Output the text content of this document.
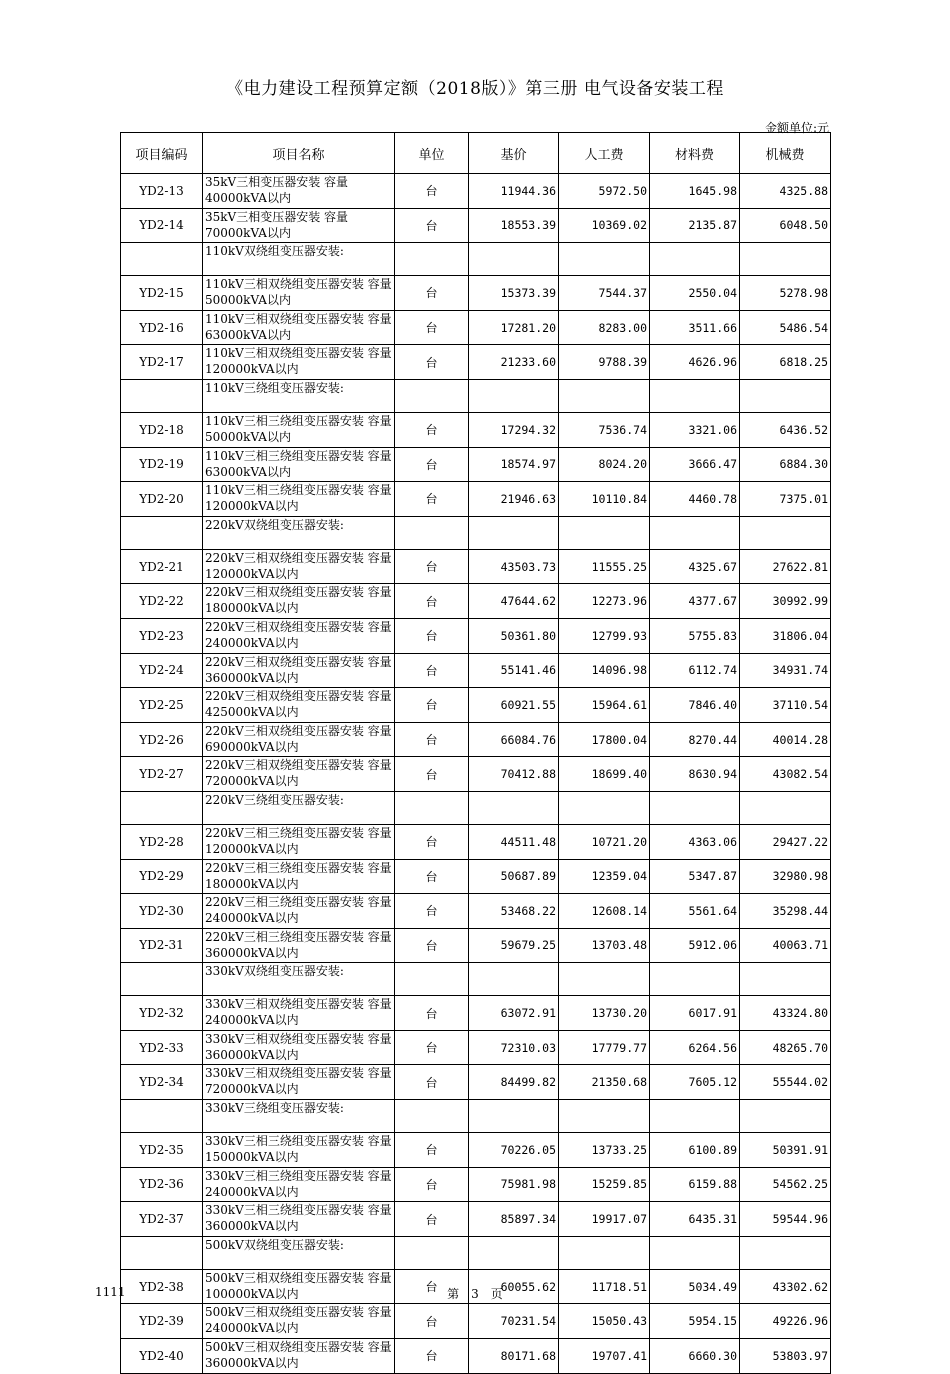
《电力建设工程预算定额（2018版）》第三册 电气设备安装工程
金额单位:元
项目编码	项目名称	单位	基价	人工费	材料费	机械费
YD2-13	35kV三相变压器安装 容量 40000kVA以内	台	11944.36	5972.50	1645.98	4325.88
YD2-14	35kV三相变压器安装 容量 70000kVA以内	台	18553.39	10369.02	2135.87	6048.50

	110kV双绕组变压器安装:					

YD2-15	110kV三相双绕组变压器安装 容量 50000kVA以内	台	15373.39	7544.37	2550.04	5278.98
YD2-16	110kV三相双绕组变压器安装 容量 63000kVA以内	台	17281.20	8283.00	3511.66	5486.54
YD2-17	110kV三相双绕组变压器安装 容量 120000kVA以内	台	21233.60	9788.39	4626.96	6818.25

	110kV三绕组变压器安装:					

YD2-18	110kV三相三绕组变压器安装 容量 50000kVA以内	台	17294.32	7536.74	3321.06	6436.52
YD2-19	110kV三相三绕组变压器安装 容量 63000kVA以内	台	18574.97	8024.20	3666.47	6884.30
YD2-20	110kV三相三绕组变压器安装 容量 120000kVA以内	台	21946.63	10110.84	4460.78	7375.01

	220kV双绕组变压器安装:					

YD2-21	220kV三相双绕组变压器安装 容量 120000kVA以内	台	43503.73	11555.25	4325.67	27622.81
YD2-22	220kV三相双绕组变压器安装 容量 180000kVA以内	台	47644.62	12273.96	4377.67	30992.99
YD2-23	220kV三相双绕组变压器安装 容量 240000kVA以内	台	50361.80	12799.93	5755.83	31806.04
YD2-24	220kV三相双绕组变压器安装 容量 360000kVA以内	台	55141.46	14096.98	6112.74	34931.74
YD2-25	220kV三相双绕组变压器安装 容量 425000kVA以内	台	60921.55	15964.61	7846.40	37110.54
YD2-26	220kV三相双绕组变压器安装 容量 690000kVA以内	台	66084.76	17800.04	8270.44	40014.28
YD2-27	220kV三相双绕组变压器安装 容量 720000kVA以内	台	70412.88	18699.40	8630.94	43082.54

	220kV三绕组变压器安装:					

YD2-28	220kV三相三绕组变压器安装 容量 120000kVA以内	台	44511.48	10721.20	4363.06	29427.22
YD2-29	220kV三相三绕组变压器安装 容量 180000kVA以内	台	50687.89	12359.04	5347.87	32980.98
YD2-30	220kV三相三绕组变压器安装 容量 240000kVA以内	台	53468.22	12608.14	5561.64	35298.44
YD2-31	220kV三相三绕组变压器安装 容量 360000kVA以内	台	59679.25	13703.48	5912.06	40063.71

	330kV双绕组变压器安装:					

YD2-32	330kV三相双绕组变压器安装 容量 240000kVA以内	台	63072.91	13730.20	6017.91	43324.80
YD2-33	330kV三相双绕组变压器安装 容量 360000kVA以内	台	72310.03	17779.77	6264.56	48265.70
YD2-34	330kV三相双绕组变压器安装 容量 720000kVA以内	台	84499.82	21350.68	7605.12	55544.02

	330kV三绕组变压器安装:					

YD2-35	330kV三相三绕组变压器安装 容量 150000kVA以内	台	70226.05	13733.25	6100.89	50391.91
YD2-36	330kV三相三绕组变压器安装 容量 240000kVA以内	台	75981.98	15259.85	6159.88	54562.25
YD2-37	330kV三相三绕组变压器安装 容量 360000kVA以内	台	85897.34	19917.07	6435.31	59544.96

	500kV双绕组变压器安装:					

YD2-38	500kV三相双绕组变压器安装 容量 100000kVA以内	台	60055.62	11718.51	5034.49	43302.62
YD2-39	500kV三相双绕组变压器安装 容量 240000kVA以内	台	70231.54	15050.43	5954.15	49226.96
YD2-40	500kV三相双绕组变压器安装 容量 360000kVA以内	台	80171.68	19707.41	6660.30	53803.97
1111	第　3　页
